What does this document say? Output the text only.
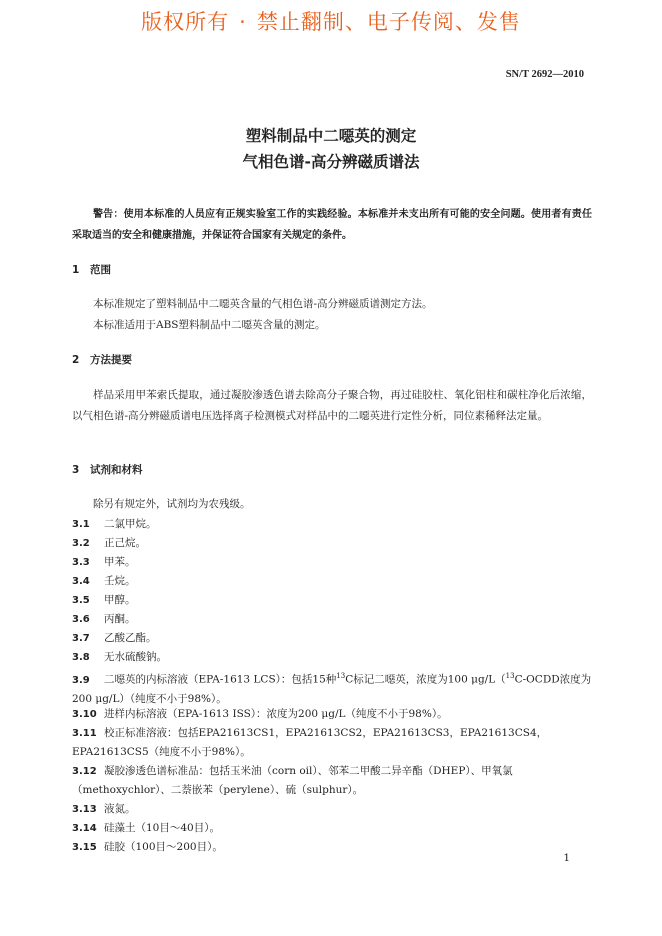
版权所有 · 禁止翻制、电子传阅、发售
SN/T 2692—2010
塑料制品中二噁英的测定
气相色谱-高分辨磁质谱法
警告：使用本标准的人员应有正规实验室工作的实践经验。本标准并未支出所有可能的安全问题。使用者有责任采取适当的安全和健康措施，并保证符合国家有关规定的条件。
1 范围
本标准规定了塑料制品中二噁英含量的气相色谱-高分辨磁质谱测定方法。
本标准适用于ABS塑料制品中二噁英含量的测定。
2 方法提要
样品采用甲苯索氏提取，通过凝胶渗透色谱去除高分子聚合物，再过硅胶柱、氧化铝柱和碳柱净化后浓缩，以气相色谱-高分辨磁质谱电压选择离子检测模式对样品中的二噁英进行定性分析，同位素稀释法定量。
3 试剂和材料
除另有规定外，试剂均为农残级。
3.1 二氯甲烷。
3.2 正己烷。
3.3 甲苯。
3.4 壬烷。
3.5 甲醇。
3.6 丙酮。
3.7 乙酸乙酯。
3.8 无水硫酸钠。
3.9 二噁英的内标溶液（EPA-1613 LCS）：包括15种$^{13}$C标记二噁英，浓度为100 μg/L（$^{13}$C-OCDD浓度为200 μg/L）（纯度不小于98%）。
3.10 进样内标溶液（EPA-1613 ISS）：浓度为200 μg/L（纯度不小于98%）。
3.11 校正标准溶液：包括EPA21613CS1，EPA21613CS2，EPA21613CS3，EPA21613CS4，EPA21613CS5（纯度不小于98%）。
3.12 凝胶渗透色谱标准品：包括玉米油（corn oil）、邻苯二甲酸二异辛酯（DHEP）、甲氧氯（methoxychlor）、二萘嵌苯（perylene）、硫（sulphur）。
3.13 液氮。
3.14 硅藻土（10目～40目）。
3.15 硅胶（100目～200目）。
1
